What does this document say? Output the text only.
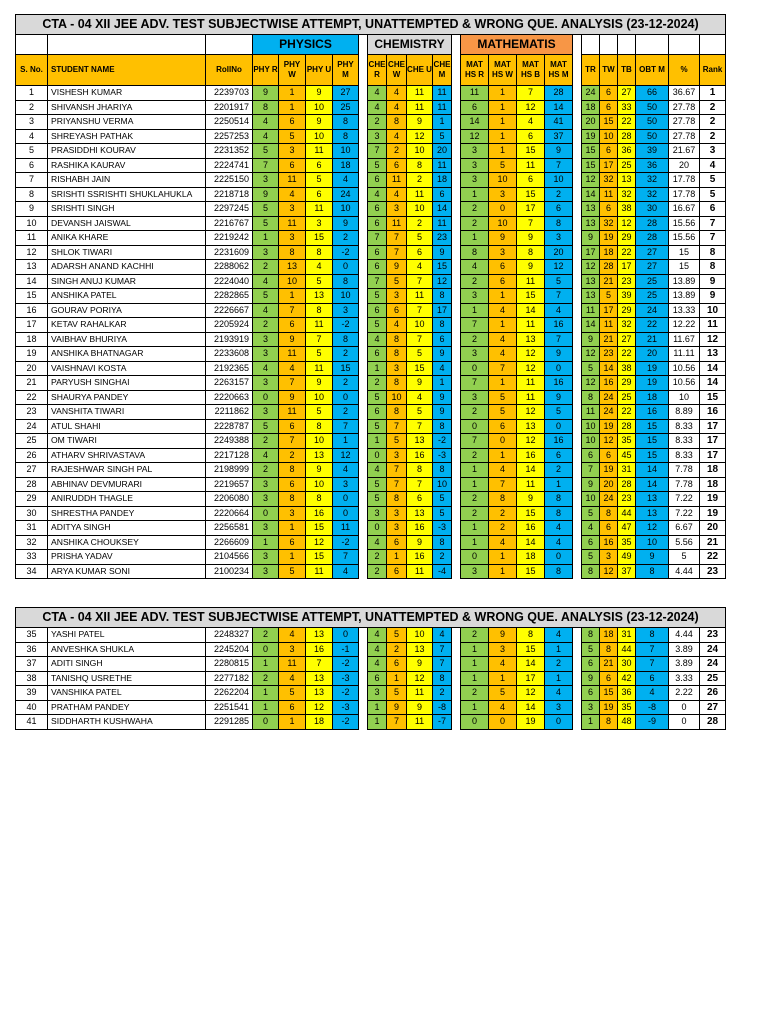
CTA - 04 XII JEE ADV. TEST SUBJECTWISE ATTEMPT, UNATTEMPTED & WRONG QUE. ANALYSIS (23-12-2024)																							
			PHYSICS					CHEMISTRY					MATHEMATIS										
S. No.	STUDENT NAME	RollNo	PHY R	PHY W	PHY U	PHY M		CHE R	CHE W	CHE U	CHE M		MAT HS R	MAT HS W	MAT HS B	MAT HS M		TR	TW	TB	OBT M	%	Rank
1	VISHESH KUMAR	2239703	9	1	9	27		4	4	11	11		11	1	7	28		24	6	27	66	36.67	1
2	SHIVANSH JHARIYA	2201917	8	1	10	25		4	4	11	11		6	1	12	14		18	6	33	50	27.78	2
3	PRIYANSHU VERMA	2250514	4	6	9	8		2	8	9	1		14	1	4	41		20	15	22	50	27.78	2
4	SHREYASH PATHAK	2257253	4	5	10	8		3	4	12	5		12	1	6	37		19	10	28	50	27.78	2
5	PRASIDDHI KOURAV	2231352	5	3	11	10		7	2	10	20		3	1	15	9		15	6	36	39	21.67	3
6	RASHIKA KAURAV	2224741	7	6	6	18		5	6	8	11		3	5	11	7		15	17	25	36	20	4
7	RISHABH JAIN	2225150	3	11	5	4		6	11	2	18		3	10	6	10		12	32	13	32	17.78	5
8	SRISHTI SSRISHTI SHUKLAHUKLA	2218718	9	4	6	24		4	4	11	6		1	3	15	2		14	11	32	32	17.78	5
9	SRISHTI SINGH	2297245	5	3	11	10		6	3	10	14		2	0	17	6		13	6	38	30	16.67	6
10	DEVANSH JAISWAL	2216767	5	11	3	9		6	11	2	11		2	10	7	8		13	32	12	28	15.56	7
11	ANIKA KHARE	2219242	1	3	15	2		7	7	5	23		1	9	9	3		9	19	29	28	15.56	7
12	SHLOK TIWARI	2231609	3	8	8	-2		6	7	6	9		8	3	8	20		17	18	22	27	15	8
13	ADARSH ANAND KACHHI	2288062	2	13	4	0		6	9	4	15		4	6	9	12		12	28	17	27	15	8
14	SINGH ANUJ KUMAR	2224040	4	10	5	8		7	5	7	12		2	6	11	5		13	21	23	25	13.89	9
15	ANSHIKA PATEL	2282865	5	1	13	10		5	3	11	8		3	1	15	7		13	5	39	25	13.89	9
16	GOURAV PORIYA	2226667	4	7	8	3		6	6	7	17		1	4	14	4		11	17	29	24	13.33	10
17	KETAV RAHALKAR	2205924	2	6	11	-2		5	4	10	8		7	1	11	16		14	11	32	22	12.22	11
18	VAIBHAV BHURIYA	2193919	3	9	7	8		4	8	7	6		2	4	13	7		9	21	27	21	11.67	12
19	ANSHIKA BHATNAGAR	2233608	3	11	5	2		6	8	5	9		3	4	12	9		12	23	22	20	11.11	13
20	VAISHNAVI KOSTA	2192365	4	4	11	15		1	3	15	4		0	7	12	0		5	14	38	19	10.56	14
21	PARYUSH SINGHAI	2263157	3	7	9	2		2	8	9	1		7	1	11	16		12	16	29	19	10.56	14
22	SHAURYA PANDEY	2220663	0	9	10	0		5	10	4	9		3	5	11	9		8	24	25	18	10	15
23	VANSHITA TIWARI	2211862	3	11	5	2		6	8	5	9		2	5	12	5		11	24	22	16	8.89	16
24	ATUL SHAHI	2228787	5	6	8	7		5	7	7	8		0	6	13	0		10	19	28	15	8.33	17
25	OM TIWARI	2249388	2	7	10	1		1	5	13	-2		7	0	12	16		10	12	35	15	8.33	17
26	ATHARV SHRIVASTAVA	2217128	4	2	13	12		0	3	16	-3		2	1	16	6		6	6	45	15	8.33	17
27	RAJESHWAR SINGH PAL	2198999	2	8	9	4		4	7	8	8		1	4	14	2		7	19	31	14	7.78	18
28	ABHINAV DEVMURARI	2219657	3	6	10	3		5	7	7	10		1	7	11	1		9	20	28	14	7.78	18
29	ANIRUDDH THAGLE	2206080	3	8	8	0		5	8	6	5		2	8	9	8		10	24	23	13	7.22	19
30	SHRESTHA PANDEY	2220664	0	3	16	0		3	3	13	5		2	2	15	8		5	8	44	13	7.22	19
31	ADITYA SINGH	2256581	3	1	15	11		0	3	16	-3		1	2	16	4		4	6	47	12	6.67	20
32	ANSHIKA CHOUKSEY	2266609	1	6	12	-2		4	6	9	8		1	4	14	4		6	16	35	10	5.56	21
33	PRISHA YADAV	2104566	3	1	15	7		2	1	16	2		0	1	18	0		5	3	49	9	5	22
34	ARYA KUMAR SONI	2100234	3	5	11	4		2	6	11	-4		3	1	15	8		8	12	37	8	4.44	23
CTA - 04 XII JEE ADV. TEST SUBJECTWISE ATTEMPT, UNATTEMPTED & WRONG QUE. ANALYSIS (23-12-2024)																							
35	YASHI PATEL	2248327	2	4	13	0		4	5	10	4		2	9	8	4		8	18	31	8	4.44	23
36	ANVESHKA SHUKLA	2245204	0	3	16	-1		4	2	13	7		1	3	15	1		5	8	44	7	3.89	24
37	ADITI SINGH	2280815	1	11	7	-2		4	6	9	7		1	4	14	2		6	21	30	7	3.89	24
38	TANISHQ USRETHE	2277182	2	4	13	-3		6	1	12	8		1	1	17	1		9	6	42	6	3.33	25
39	VANSHIKA PATEL	2262204	1	5	13	-2		3	5	11	2		2	5	12	4		6	15	36	4	2.22	26
40	PRATHAM PANDEY	2251541	1	6	12	-3		1	9	9	-8		1	4	14	3		3	19	35	-8	0	27
41	SIDDHARTH KUSHWAHA	2291285	0	1	18	-2		1	7	11	-7		0	0	19	0		1	8	48	-9	0	28
